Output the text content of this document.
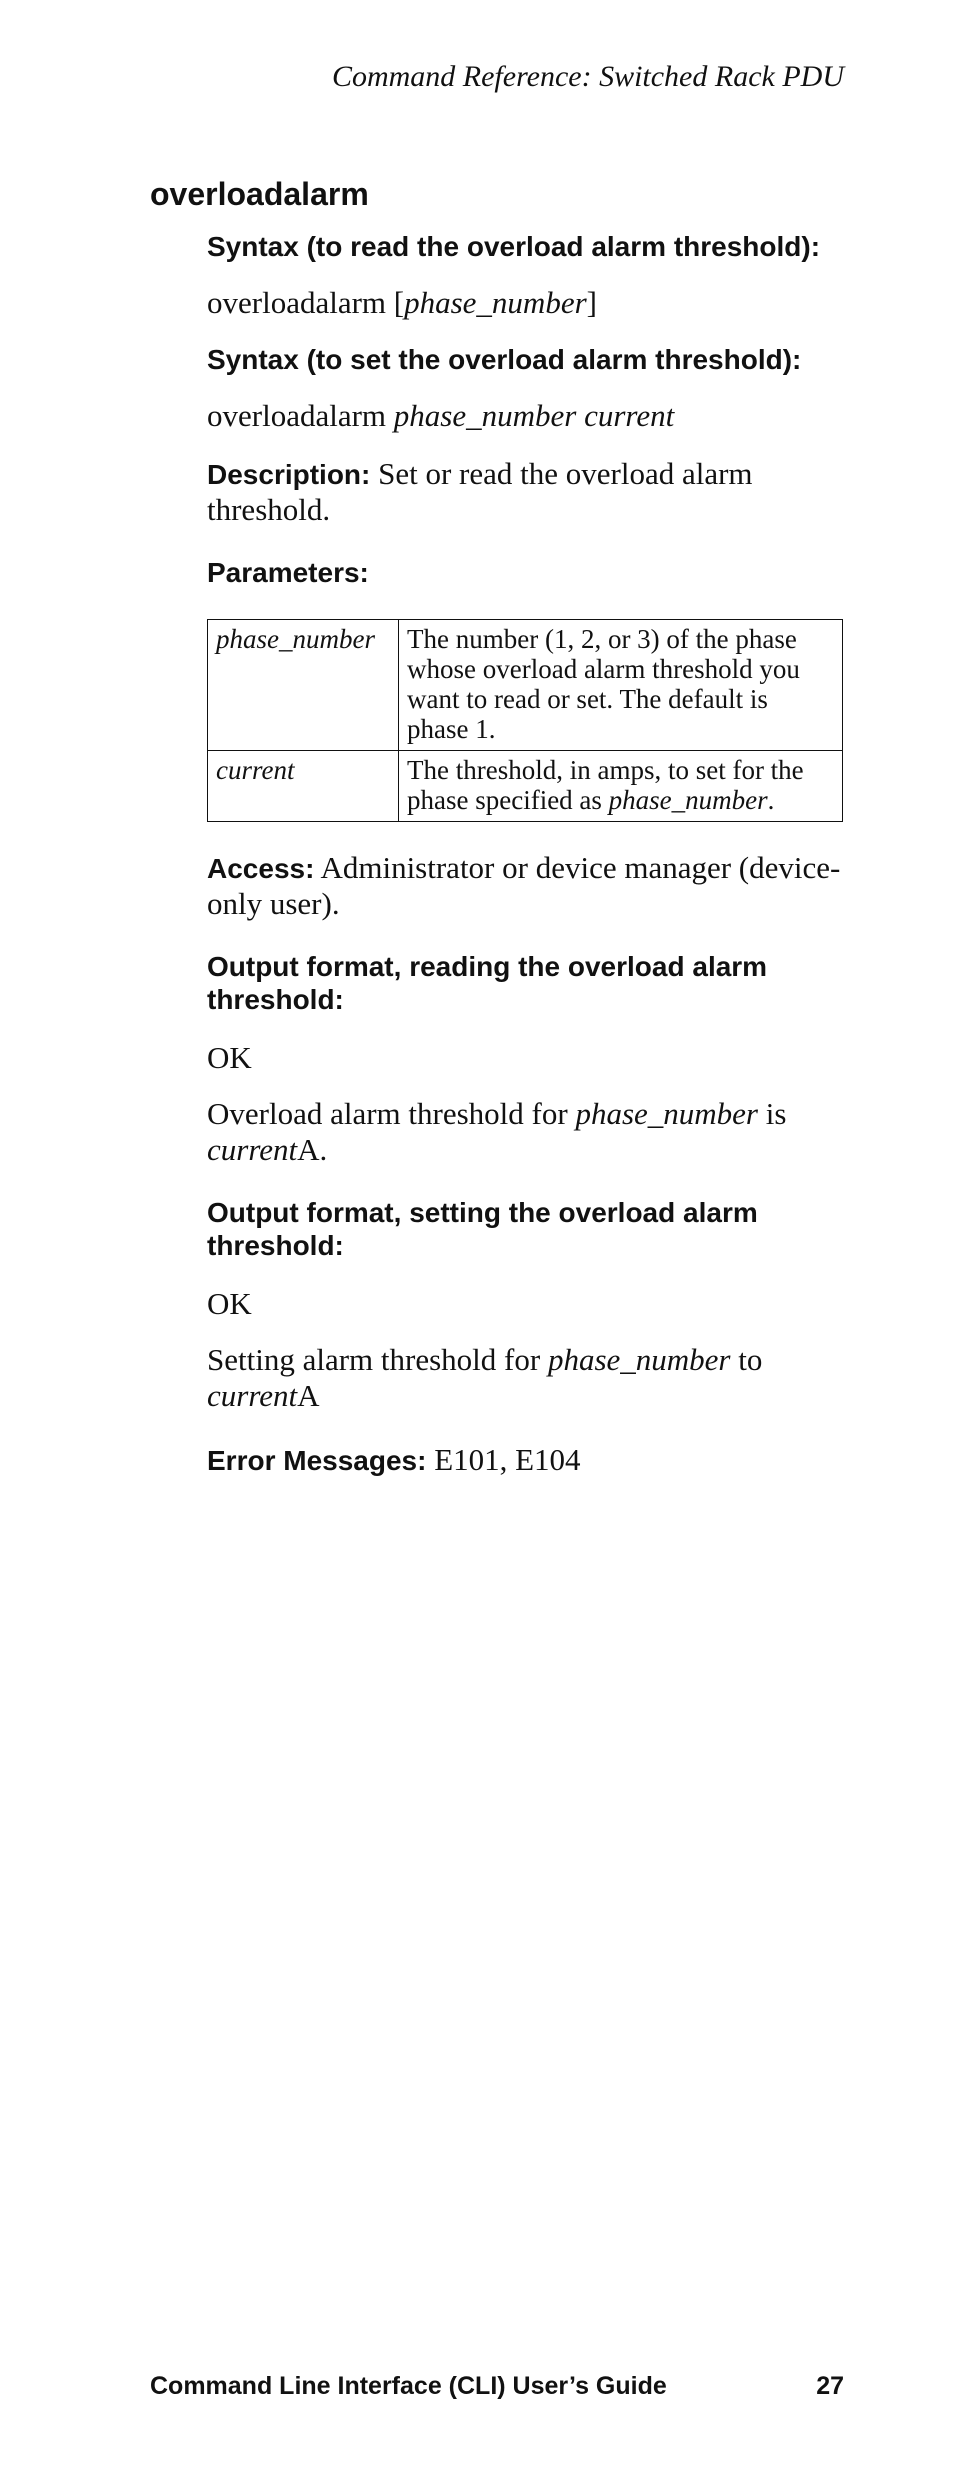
Command Reference: Switched Rack PDU
overloadalarm
Syntax (to read the overload alarm threshold):
overloadalarm [phase_number]
Syntax (to set the overload alarm threshold):
overloadalarm phase_number current
Description: Set or read the overload alarm threshold.
Parameters:
phase_number	The number (1, 2, or 3) of the phase whose overload alarm threshold you want to read or set. The default is phase 1.
current	The threshold, in amps, to set for the phase specified as phase_number.
Access: Administrator or device manager (device-only user).
Output format, reading the overload alarm threshold:
OK
Overload alarm threshold for phase_number is currentA.
Output format, setting the overload alarm threshold:
OK
Setting alarm threshold for phase_number to currentA
Error Messages: E101, E104
Command Line Interface (CLI) User’s Guide	27
